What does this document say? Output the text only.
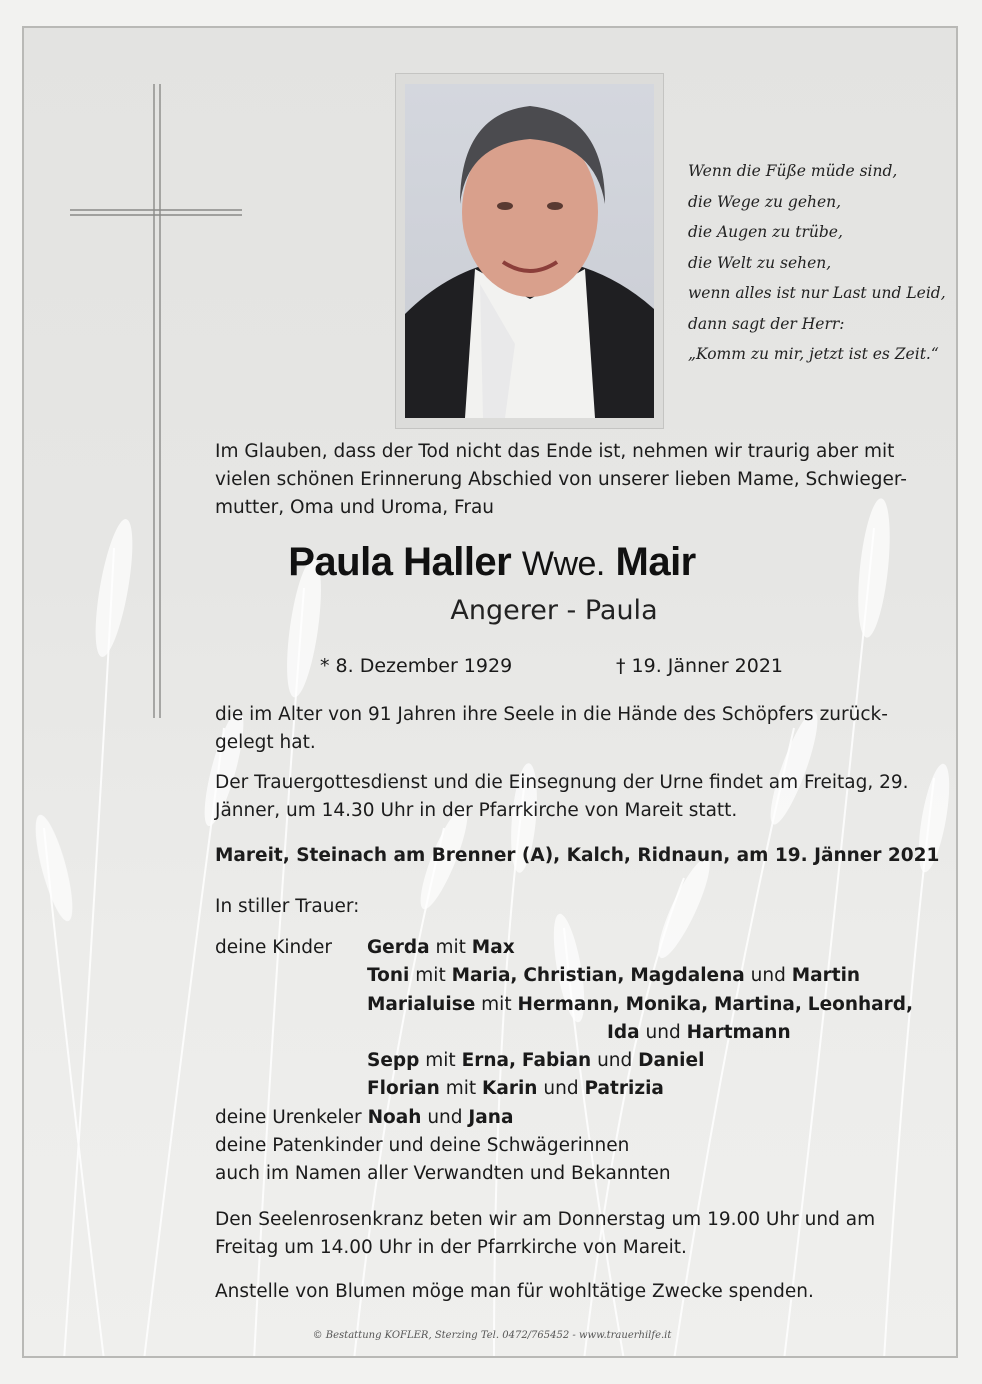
Wenn die Füße müde sind,
die Wege zu gehen,
die Augen zu trübe,
die Welt zu sehen,
wenn alles ist nur Last und Leid,
dann sagt der Herr:
„Komm zu mir, jetzt ist es Zeit.“
Im Glauben, dass der Tod nicht das Ende ist, nehmen wir traurig aber mit vielen schönen Erinnerung Abschied von unserer lieben Mame, Schwieger-mutter, Oma und Uroma, Frau
Paula Haller Wwe. Mair
Angerer - Paula
* 8. Dezember 1929	† 19. Jänner 2021
die im Alter von 91 Jahren ihre Seele in die Hände des Schöpfers zurück-gelegt hat.
Der Trauergottesdienst und die Einsegnung der Urne findet am Freitag, 29. Jänner, um 14.30 Uhr in der Pfarrkirche von Mareit statt.
Mareit, Steinach am Brenner (A), Kalch, Ridnaun, am 19. Jänner 2021
In stiller Trauer:
deine Kinder Gerda mit Max
Toni mit Maria, Christian, Magdalena und Martin
Marialuise mit Hermann, Monika, Martina, Leonhard,
Ida und Hartmann
Sepp mit Erna, Fabian und Daniel
Florian mit Karin und Patrizia
deine Urenkeler Noah und Jana
deine Patenkinder und deine Schwägerinnen
auch im Namen aller Verwandten und Bekannten
Den Seelenrosenkranz beten wir am Donnerstag um 19.00 Uhr und am Freitag um 14.00 Uhr in der Pfarrkirche von Mareit.
Anstelle von Blumen möge man für wohltätige Zwecke spenden.
© Bestattung KOFLER, Sterzing Tel. 0472/765452 - www.trauerhilfe.it
